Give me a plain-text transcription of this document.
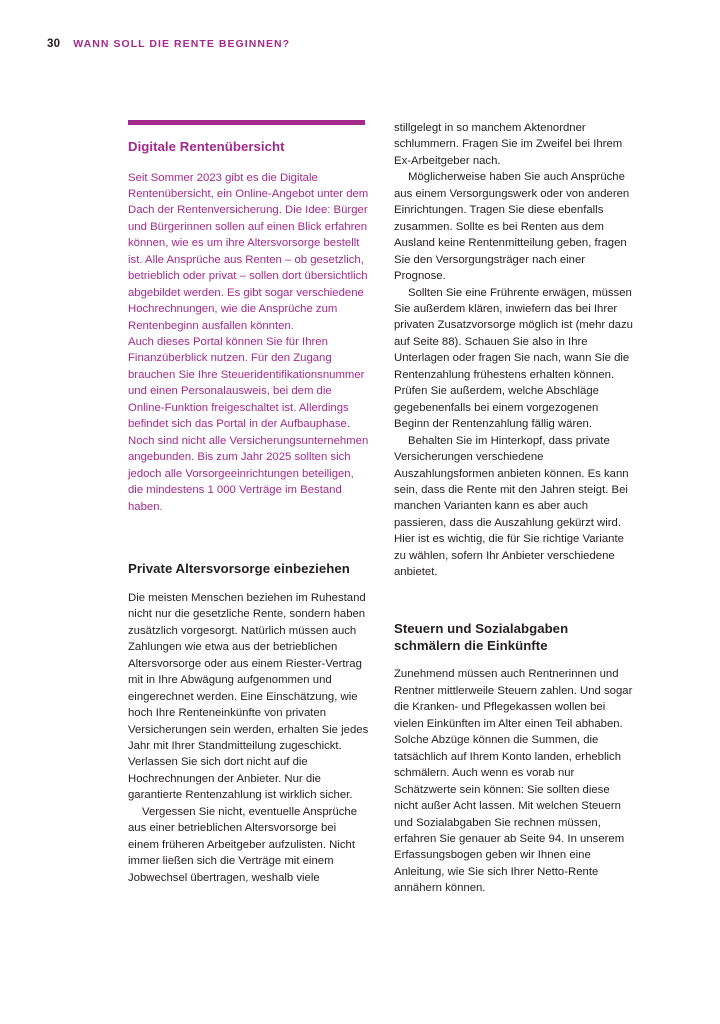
30 WANN SOLL DIE RENTE BEGINNEN?
Digitale Rentenübersicht

Seit Sommer 2023 gibt es die Digitale Rentenübersicht, ein Online-Angebot unter dem Dach der Rentenversicherung. Die Idee: Bürger und Bürgerinnen sollen auf einen Blick erfahren können, wie es um ihre Altersvorsorge bestellt ist. Alle Ansprüche aus Renten – ob gesetzlich, betrieblich oder privat – sollen dort übersichtlich abgebildet werden. Es gibt sogar verschiedene Hochrechnungen, wie die Ansprüche zum Rentenbeginn ausfallen könnten.

Auch dieses Portal können Sie für Ihren Finanzüberblick nutzen. Für den Zugang brauchen Sie Ihre Steueridentifikationsnummer und einen Personalausweis, bei dem die Online-Funktion freigeschaltet ist. Allerdings befindet sich das Portal in der Aufbauphase. Noch sind nicht alle Versicherungsunternehmen angebunden. Bis zum Jahr 2025 sollten sich jedoch alle Vorsorgeeinrichtungen beteiligen, die mindestens 1 000 Verträge im Bestand haben.

Private Altersvorsorge einbeziehen

Die meisten Menschen beziehen im Ruhestand nicht nur die gesetzliche Rente, sondern haben zusätzlich vorgesorgt. Natürlich müssen auch Zahlungen wie etwa aus der betrieblichen Altersvorsorge oder aus einem Riester-Vertrag mit in Ihre Abwägung aufgenommen und eingerechnet werden. Eine Einschätzung, wie hoch Ihre Renteneinkünfte von privaten Versicherungen sein werden, erhalten Sie jedes Jahr mit Ihrer Standmitteilung zugeschickt. Verlassen Sie sich dort nicht auf die Hochrechnungen der Anbieter. Nur die garantierte Rentenzahlung ist wirklich sicher.

Vergessen Sie nicht, eventuelle Ansprüche aus einer betrieblichen Altersvorsorge bei einem früheren Arbeitgeber aufzulisten. Nicht immer ließen sich die Verträge mit einem Jobwechsel übertragen, weshalb viele

stillgelegt in so manchem Aktenordner schlummern. Fragen Sie im Zweifel bei Ihrem Ex-Arbeitgeber nach.

Möglicherweise haben Sie auch Ansprüche aus einem Versorgungswerk oder von anderen Einrichtungen. Tragen Sie diese ebenfalls zusammen. Sollte es bei Renten aus dem Ausland keine Rentenmitteilung geben, fragen Sie den Versorgungsträger nach einer Prognose.

Sollten Sie eine Frührente erwägen, müssen Sie außerdem klären, inwiefern das bei Ihrer privaten Zusatzvorsorge möglich ist (mehr dazu auf Seite 88). Schauen Sie also in Ihre Unterlagen oder fragen Sie nach, wann Sie die Rentenzahlung frühestens erhalten können. Prüfen Sie außerdem, welche Abschläge gegebenenfalls bei einem vorgezogenen Beginn der Rentenzahlung fällig wären.

Behalten Sie im Hinterkopf, dass private Versicherungen verschiedene Auszahlungsformen anbieten können. Es kann sein, dass die Rente mit den Jahren steigt. Bei manchen Varianten kann es aber auch passieren, dass die Auszahlung gekürzt wird. Hier ist es wichtig, die für Sie richtige Variante zu wählen, sofern Ihr Anbieter verschiedene anbietet.

Steuern und Sozialabgaben schmälern die Einkünfte

Zunehmend müssen auch Rentnerinnen und Rentner mittlerweile Steuern zahlen. Und sogar die Kranken- und Pflegekassen wollen bei vielen Einkünften im Alter einen Teil abhaben. Solche Abzüge können die Summen, die tatsächlich auf Ihrem Konto landen, erheblich schmälern. Auch wenn es vorab nur Schätzwerte sein können: Sie sollten diese nicht außer Acht lassen. Mit welchen Steuern und Sozialabgaben Sie rechnen müssen, erfahren Sie genauer ab Seite 94. In unserem Erfassungsbogen geben wir Ihnen eine Anleitung, wie Sie sich Ihrer Netto-Rente annähern können.
